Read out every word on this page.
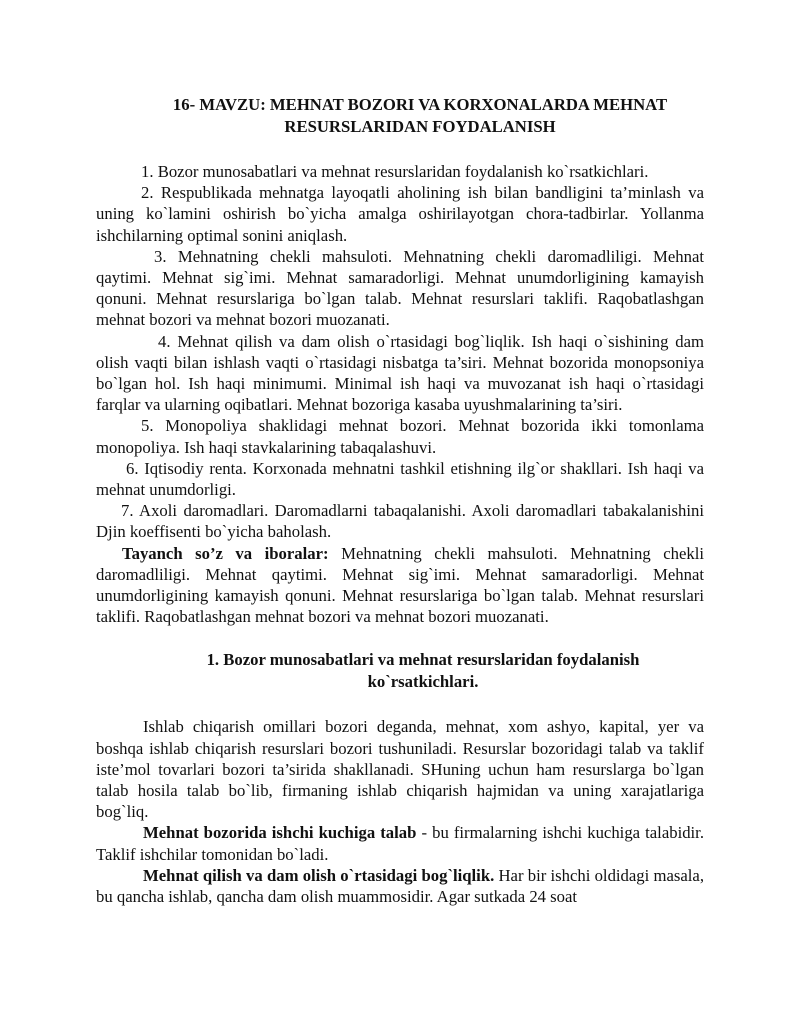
16- MAVZU: MEHNAT BOZORI VA KORXONALARDA MEHNAT
RESURSLARIDAN FOYDALANISH

1. Bozor munosabatlari va mehnat resurslaridan foydalanish ko`rsatkichlari.

2. Respublikada mehnatga layoqatli aholining ish bilan bandligini ta’minlash va uning ko`lamini oshirish bo`yicha amalga oshirilayotgan chora-tadbirlar. Yollanma ishchilarning optimal sonini aniqlash.

3. Mehnatning chekli mahsuloti. Mehnatning chekli daromadliligi. Mehnat qaytimi. Mehnat sig`imi. Mehnat samaradorligi. Mehnat unumdorligining kamayish qonuni. Mehnat resurslariga bo`lgan talab. Mehnat resurslari taklifi. Raqobatlashgan mehnat bozori va mehnat bozori muozanati.

4. Mehnat qilish va dam olish o`rtasidagi bog`liqlik. Ish haqi o`sishining dam olish vaqti bilan ishlash vaqti o`rtasidagi nisbatga ta’siri. Mehnat bozorida monopsoniya bo`lgan hol. Ish haqi minimumi. Minimal ish haqi va muvozanat ish haqi o`rtasidagi farqlar va ularning oqibatlari. Mehnat bozoriga kasaba uyushmalarining ta’siri.

5. Monopoliya shaklidagi mehnat bozori. Mehnat bozorida ikki tomonlama monopoliya. Ish haqi stavkalarining tabaqalashuvi.

6. Iqtisodiy renta. Korxonada mehnatni tashkil etishning ilg`or shakllari. Ish haqi va mehnat unumdorligi.

7. Axoli daromadlari. Daromadlarni tabaqalanishi. Axoli daromadlari tabakalanishini Djin koeffisenti bo`yicha baholash.

Tayanch so’z va iboralar: Mehnatning chekli mahsuloti. Mehnatning chekli daromadliligi. Mehnat qaytimi. Mehnat sig`imi. Mehnat samaradorligi. Mehnat unumdorligining kamayish qonuni. Mehnat resurslariga bo`lgan talab. Mehnat resurslari taklifi. Raqobatlashgan mehnat bozori va mehnat bozori muozanati.

1. Bozor munosabatlari va mehnat resurslaridan foydalanish
ko`rsatkichlari.

Ishlab chiqarish omillari bozori deganda, mehnat, xom ashyo, kapital, yer va boshqa ishlab chiqarish resurslari bozori tushuniladi. Resurslar bozoridagi talab va taklif iste’mol tovarlari bozori ta’sirida shakllanadi. SHuning uchun ham resurslarga bo`lgan talab hosila talab bo`lib, firmaning ishlab chiqarish hajmidan va uning xarajatlariga bog`liq.

Mehnat bozorida ishchi kuchiga talab - bu firmalarning ishchi kuchiga talabidir. Taklif ishchilar tomonidan bo`ladi.

Mehnat qilish va dam olish o`rtasidagi bog`liqlik. Har bir ishchi oldidagi masala, bu qancha ishlab, qancha dam olish muammosidir. Agar sutkada 24 soat
